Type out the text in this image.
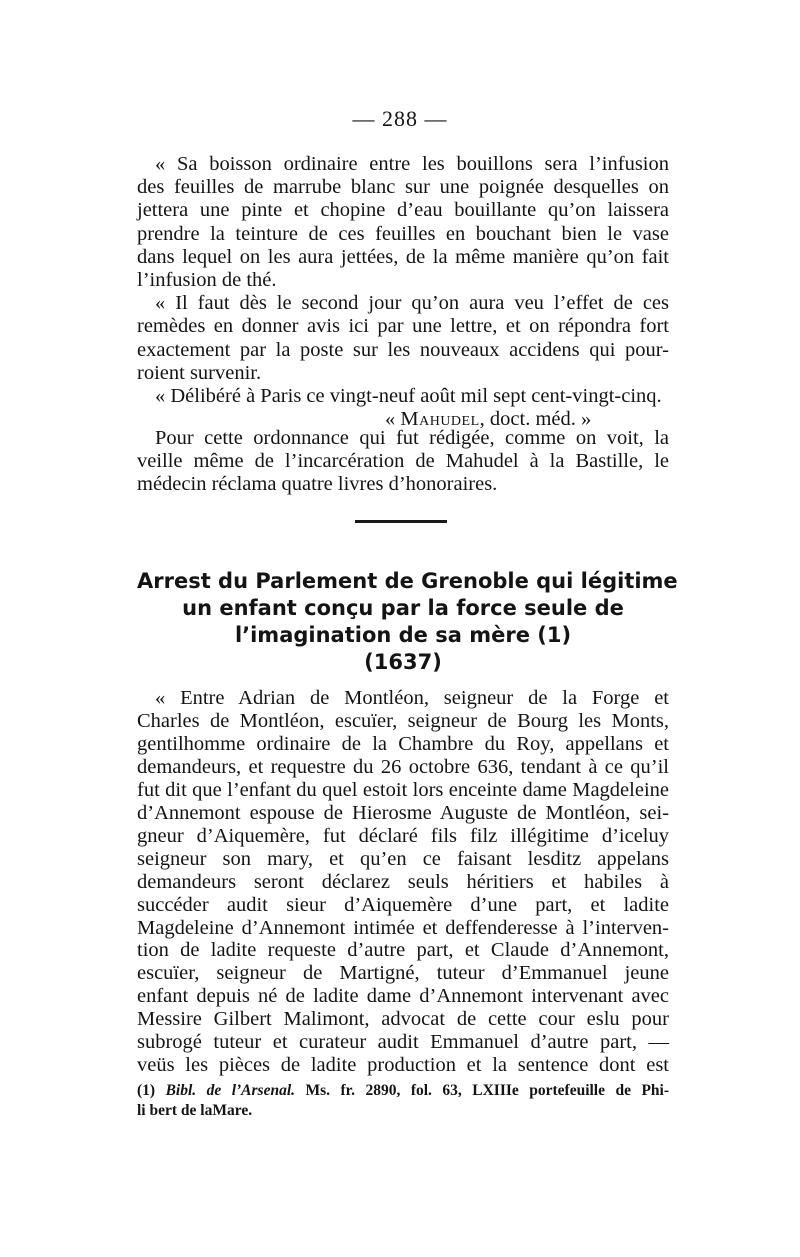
— 288 —

« Sa boisson ordinaire entre les bouillons sera l’infusion
des feuilles de marrube blanc sur une poignée desquelles on
jettera une pinte et chopine d’eau bouillante qu’on laissera
prendre la teinture de ces feuilles en bouchant bien le vase
dans lequel on les aura jettées, de la même manière qu’on fait
l’infusion de thé.

« Il faut dès le second jour qu’on aura veu l’effet de ces
remèdes en donner avis ici par une lettre, et on répondra fort
exactement par la poste sur les nouveaux accidens qui pour-
roient survenir.

« Délibéré à Paris ce vingt-neuf août mil sept cent-vingt-cinq.

« Mahudel, doct. méd. »

Pour cette ordonnance qui fut rédigée, comme on voit, la
veille même de l’incarcération de Mahudel à la Bastille, le
médecin réclama quatre livres d’honoraires.

Arrest du Parlement de Grenoble qui légitime
un enfant conçu par la force seule de
l’imagination de sa mère (1)
(1637)

« Entre Adrian de Montléon, seigneur de la Forge et
Charles de Montléon, escuïer, seigneur de Bourg les Monts,
gentilhomme ordinaire de la Chambre du Roy, appellans et
demandeurs, et requestre du 26 octobre 636, tendant à ce qu’il
fut dit que l’enfant du quel estoit lors enceinte dame Magdeleine
d’Annemont espouse de Hierosme Auguste de Montléon, sei-
gneur d’Aiquemère, fut déclaré fils filz illégitime d’iceluy
seigneur son mary, et qu’en ce faisant lesditz appelans
demandeurs seront déclarez seuls héritiers et habiles à
succéder audit sieur d’Aiquemère d’une part, et ladite
Magdeleine d’Annemont intimée et deffenderesse à l’interven-
tion de ladite requeste d’autre part, et Claude d’Annemont,
escuïer, seigneur de Martigné, tuteur d’Emmanuel jeune
enfant depuis né de ladite dame d’Annemont intervenant avec
Messire Gilbert Malimont, advocat de cette cour eslu pour
subrogé tuteur et curateur audit Emmanuel d’autre part, —
veüs les pièces de ladite production et la sentence dont est

(1) Bibl. de l’Arsenal. Ms. fr. 2890, fol. 63, LXIIIe portefeuille de Phi-
li bert de laMare.
